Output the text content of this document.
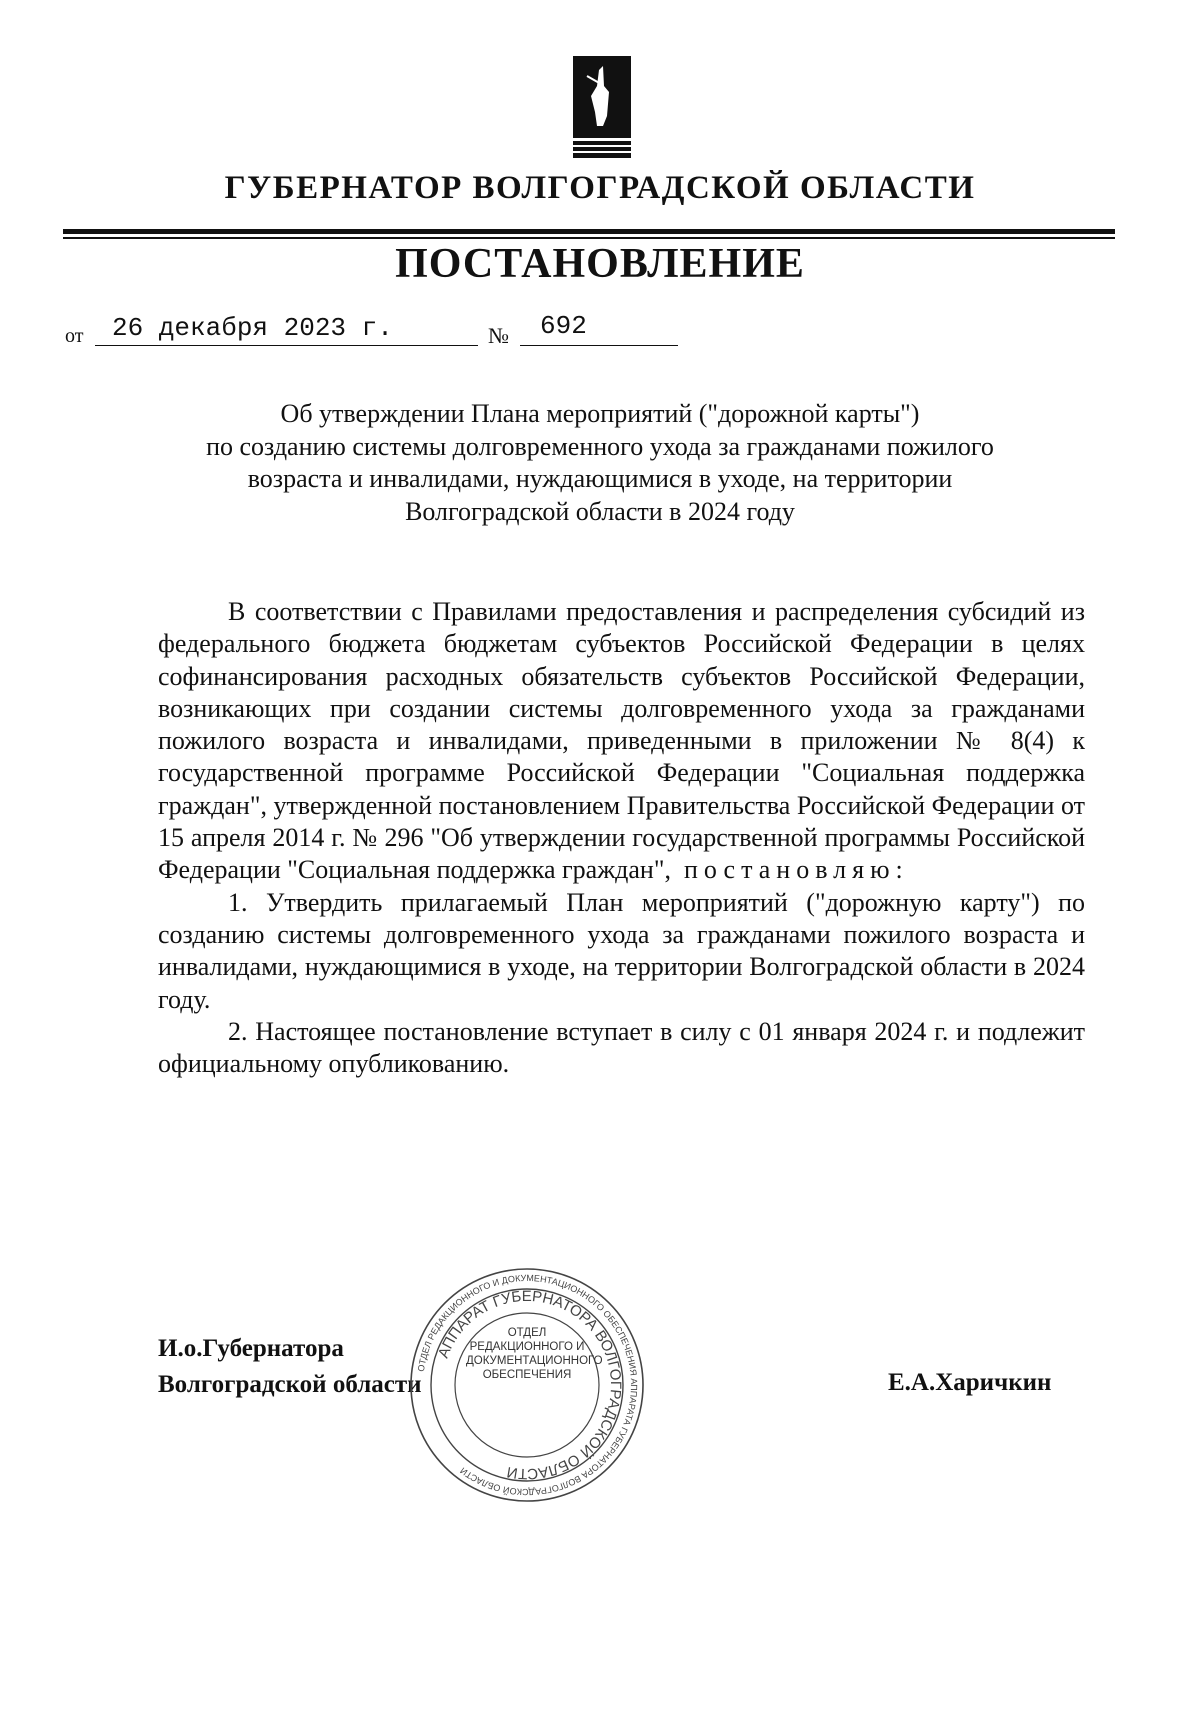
ГУБЕРНАТОР ВОЛГОГРАДСКОЙ ОБЛАСТИ
ПОСТАНОВЛЕНИЕ
от 26 декабря 2023 г.	№ 692
Об утверждении Плана мероприятий ("дорожной карты")
по созданию системы долговременного ухода за гражданами пожилого
возраста и инвалидами, нуждающимися в уходе, на территории
Волгоградской области в 2024 году

В соответствии с Правилами предоставления и распределения субсидий из федерального бюджета бюджетам субъектов Российской Федерации в целях софинансирования расходных обязательств субъектов Российской Федерации, возникающих при создании системы долговременного ухода за гражданами пожилого возраста и инвалидами, приведенными в приложении № 8(4) к государственной программе Российской Федерации "Социальная поддержка граждан", утвержденной постановлением Правительства Российской Федерации от 15 апреля 2014 г. № 296 "Об утверждении государственной программы Российской Федерации "Социальная поддержка граждан", постановляю:

1. Утвердить прилагаемый План мероприятий ("дорожную карту") по созданию системы долговременного ухода за гражданами пожилого возраста и инвалидами, нуждающимися в уходе, на территории Волгоградской области в 2024 году.

2. Настоящее постановление вступает в силу с 01 января 2024 г. и подлежит официальному опубликованию.

И.о.Губернатора
Волгоградской области	Е.А.Харичкин
ОТДЕЛ РЕДАКЦИОННОГО И ДОКУМЕНТАЦИОННОГО ОБЕСПЕЧЕНИЯ АППАРАТА ГУБЕРНАТОРА ВОЛГОГРАДСКОЙ ОБЛАСТИ
АППАРАТ ГУБЕРНАТОРА ВОЛГОГРАДСКОЙ ОБЛАСТИ
ОТДЕЛ
РЕДАКЦИОННОГО И
ДОКУМЕНТАЦИОННОГО
ОБЕСПЕЧЕНИЯ
